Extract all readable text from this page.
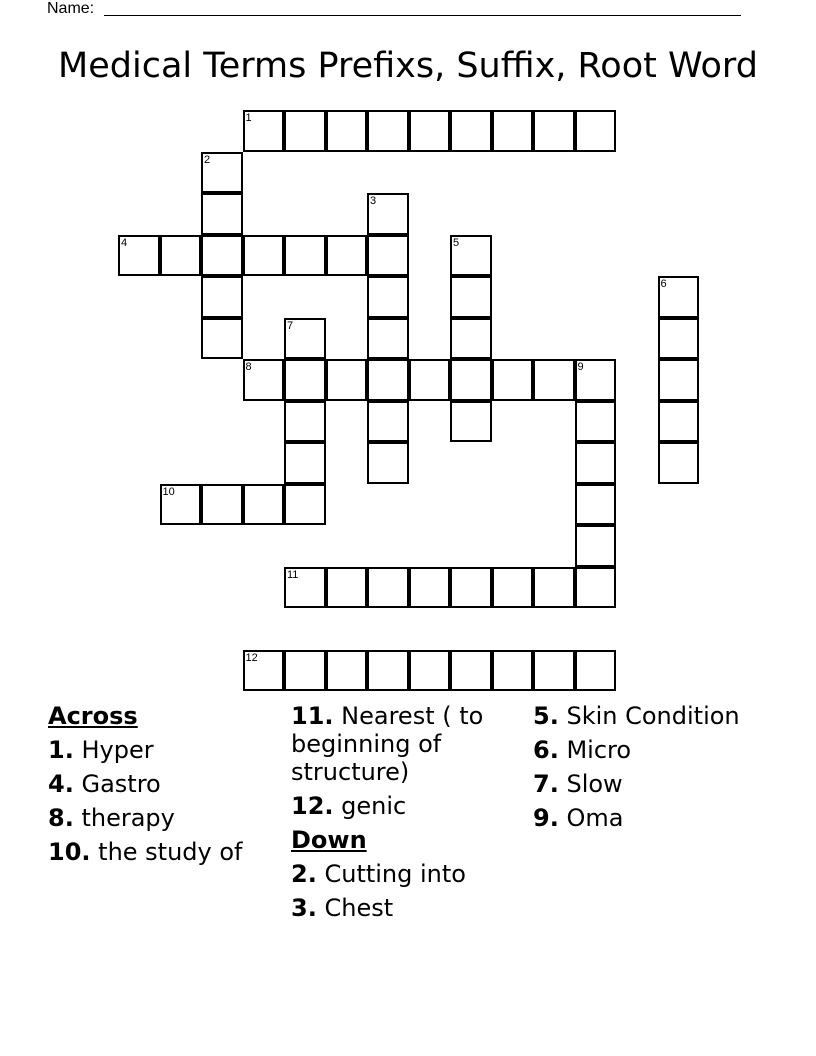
Name:
Medical Terms Prefixs, Suffix, Root Word
1
2
3
4	5
6
7
8	9
10
11
12
Across
1. Hyper
4. Gastro
8. therapy
10. the study of
11. Nearest ( to beginning of structure)
12. genic
Down
2. Cutting into
3. Chest
5. Skin Condition
6. Micro
7. Slow
9. Oma
